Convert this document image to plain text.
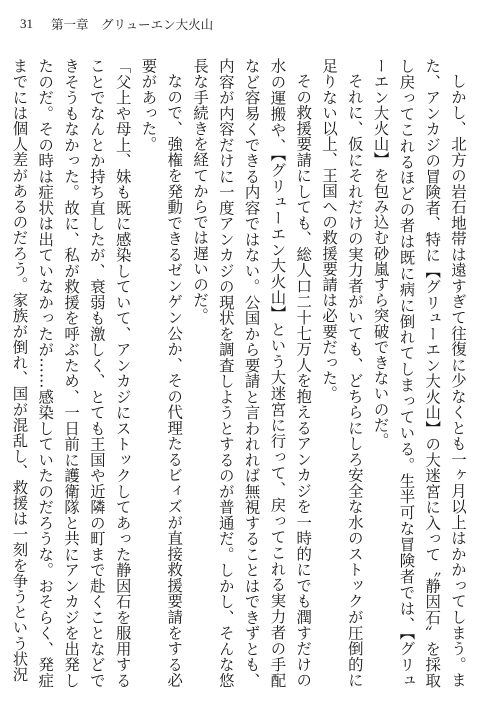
31 第一章　グリューエン大火山

しかし、北方の岩石地帯は遠すぎて往復に少なくとも一ヶ月以上はかかってしまう。また、アンカジの冒険者、特に【グリューエン大火山】の大迷宮に入って〝静因石〟を採取し戻ってこれるほどの者は既に病に倒れてしまっている。生半可な冒険者では、【グリューエン大火山】を包み込む砂嵐すら突破できないのだ。

それに、仮にそれだけの実力者がいても、どちらにしろ安全な水のストックが圧倒的に足りない以上、王国への救援要請は必要だった。

その救援要請にしても、総人口二十七万人を抱えるアンカジを一時的にでも潤すだけの水の運搬や、【グリューエン大火山】という大迷宮に行って、戻ってこれる実力者の手配など容易くできる内容ではない。公国から要請と言われれば無視することはできずとも、内容が内容だけに一度アンカジの現状を調査しようとするのが普通だ。しかし、そんな悠長な手続きを経てからでは遅いのだ。

なので、強権を発動できるゼンゲン公か、その代理たるビィズが直接救援要請をする必要があった。

「父上や母上、妹も既に感染していて、アンカジにストックしてあった静因石を服用することでなんとか持ち直したが、衰弱も激しく、とても王国や近隣の町まで赴くことなどできそうもなかった。故に、私が救援を呼ぶため、一日前に護衛隊と共にアンカジを出発したのだ。その時は症状は出ていなかったが……感染していたのだろうな。おそらく、発症までには個人差があるのだろう。家族が倒れ、国が混乱し、救援は一刻を争うという状況
